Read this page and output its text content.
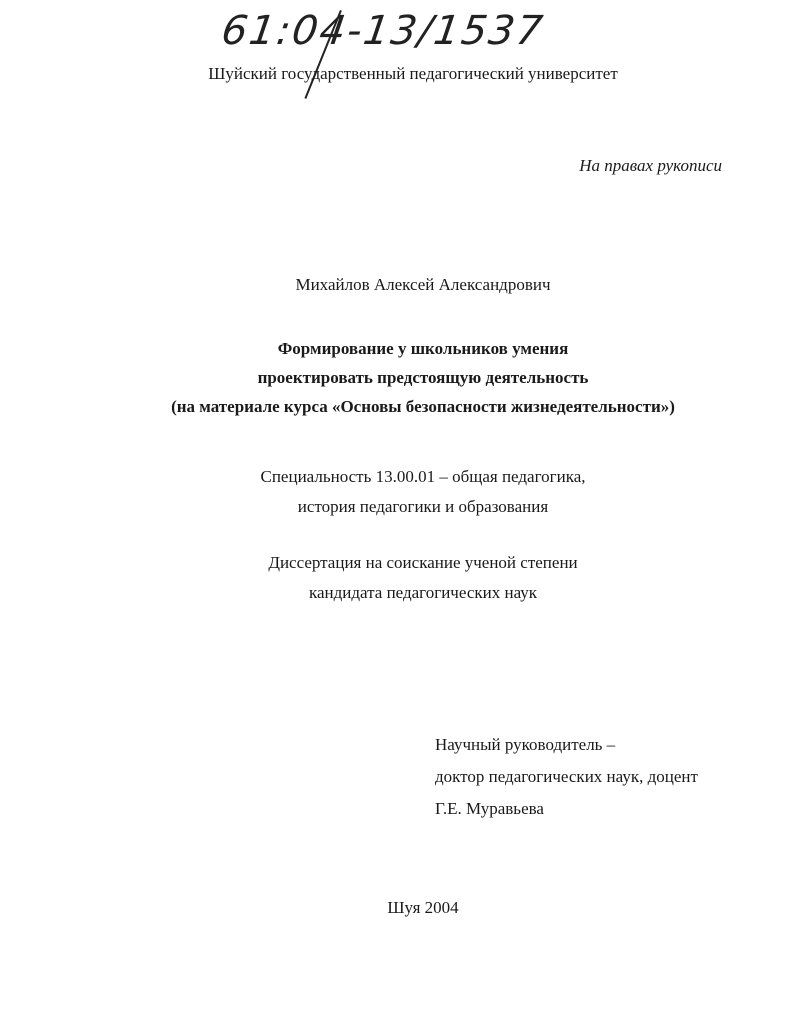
61:04-13/1537
Шуйский государственный педагогический университет
На правах рукописи
Михайлов Алексей Александрович
Формирование у школьников умения
проектировать предстоящую деятельность
(на материале курса «Основы безопасности жизнедеятельности»)
Специальность 13.00.01 – общая педагогика,
история педагогики и образования
Диссертация на соискание ученой степени
кандидата педагогических наук
Научный руководитель –
доктор педагогических наук, доцент
Г.Е. Муравьева
Шуя 2004
